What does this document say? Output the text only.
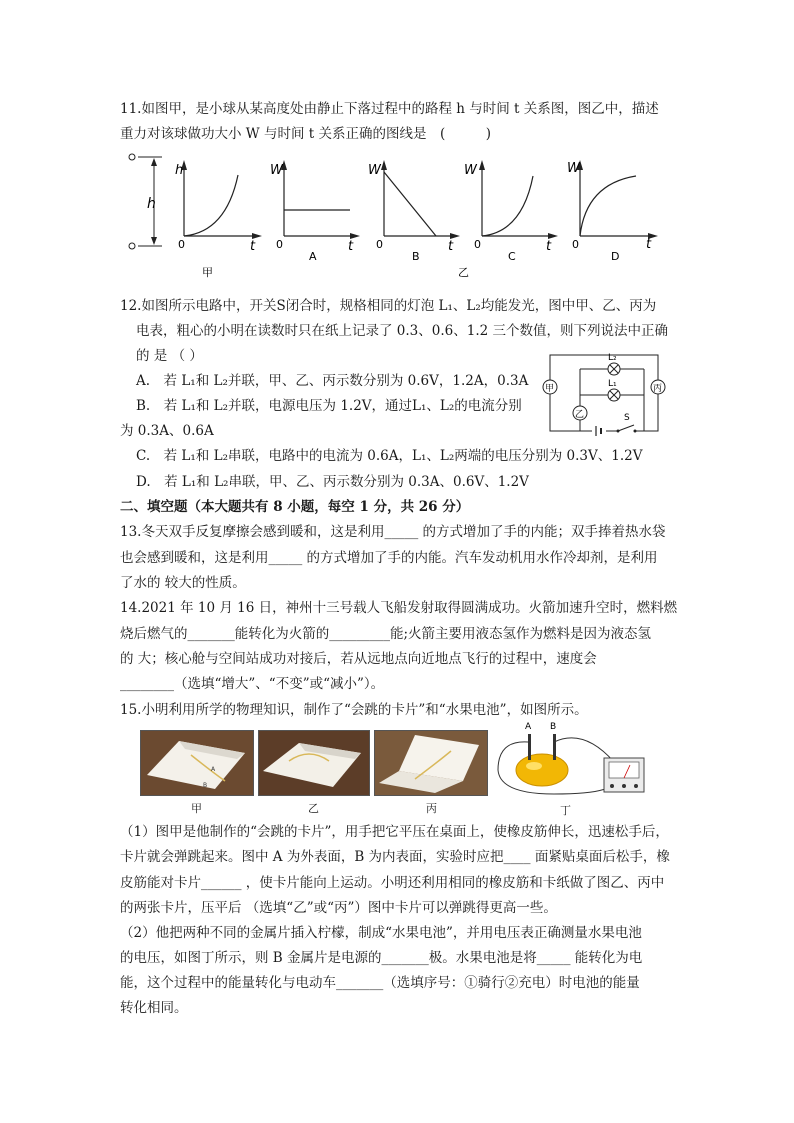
11.如图甲，是小球从某高度处由静止下落过程中的路程 h 与时间 t 关系图，图乙中，描述
重力对该球做功大小 W 与时间 t 关系正确的图线是　(　　　)
h
h
0	t
甲
W
0	t
A
W
0	t
B
乙
W
0	t
C
W
0	t
D
12.如图所示电路中，开关S闭合时，规格相同的灯泡 L₁、L₂均能发光，图中甲、乙、丙为
电表，粗心的小明在读数时只在纸上记录了 0.3、0.6、1.2 三个数值，则下列说法中正确
的 是 （ ）
A.　若 L₁和 L₂并联，甲、乙、丙示数分别为 0.6V，1.2A，0.3A
B.　若 L₁和 L₂并联，电源电压为 1.2V，通过L₁、L₂的电流分别
为 0.3A、0.6A
C.　若 L₁和 L₂串联，电路中的电流为 0.6A，L₁、L₂两端的电压分别为 0.3V、1.2V
D.　若 L₁和 L₂串联，甲、乙、丙示数分别为 0.3A、0.6V、1.2V
甲	丙
乙
L₂
L₁
S
二、填空题（本大题共有 8 小题，每空 1 分，共 26 分）
13.冬天双手反复摩擦会感到暖和，这是利用_____ 的方式增加了手的内能；双手捧着热水袋
也会感到暖和，这是利用_____ 的方式增加了手的内能。汽车发动机用水作冷却剂，是利用
了水的 较大的性质。
14.2021 年 10 月 16 日，神州十三号载人飞船发射取得圆满成功。火箭加速升空时，燃料燃
烧后燃气的_______能转化为火箭的_________能;火箭主要用液态氢作为燃料是因为液态氢
的 大；核心舱与空间站成功对接后，若从远地点向近地点飞行的过程中，速度会
________（选填“增大”、“不变”或“减小”）。
15.小明利用所学的物理知识，制作了“会跳的卡片”和“水果电池”，如图所示。
A
B
甲	乙	丙
A B
丁
（1）图甲是他制作的“会跳的卡片”，用手把它平压在桌面上，使橡皮筋伸长，迅速松手后，
卡片就会弹跳起来。图中 A 为外表面，B 为内表面，实验时应把____ 面紧贴桌面后松手，橡
皮筋能对卡片______ ，使卡片能向上运动。小明还利用相同的橡皮筋和卡纸做了图乙、丙中
的两张卡片，压平后 （选填“乙”或“丙”）图中卡片可以弹跳得更高一些。
（2）他把两种不同的金属片插入柠檬，制成“水果电池”，并用电压表正确测量水果电池
的电压，如图丁所示，则 B 金属片是电源的_______极。水果电池是将_____ 能转化为电
能，这个过程中的能量转化与电动车_______（选填序号：①骑行②充电）时电池的能量
转化相同。
